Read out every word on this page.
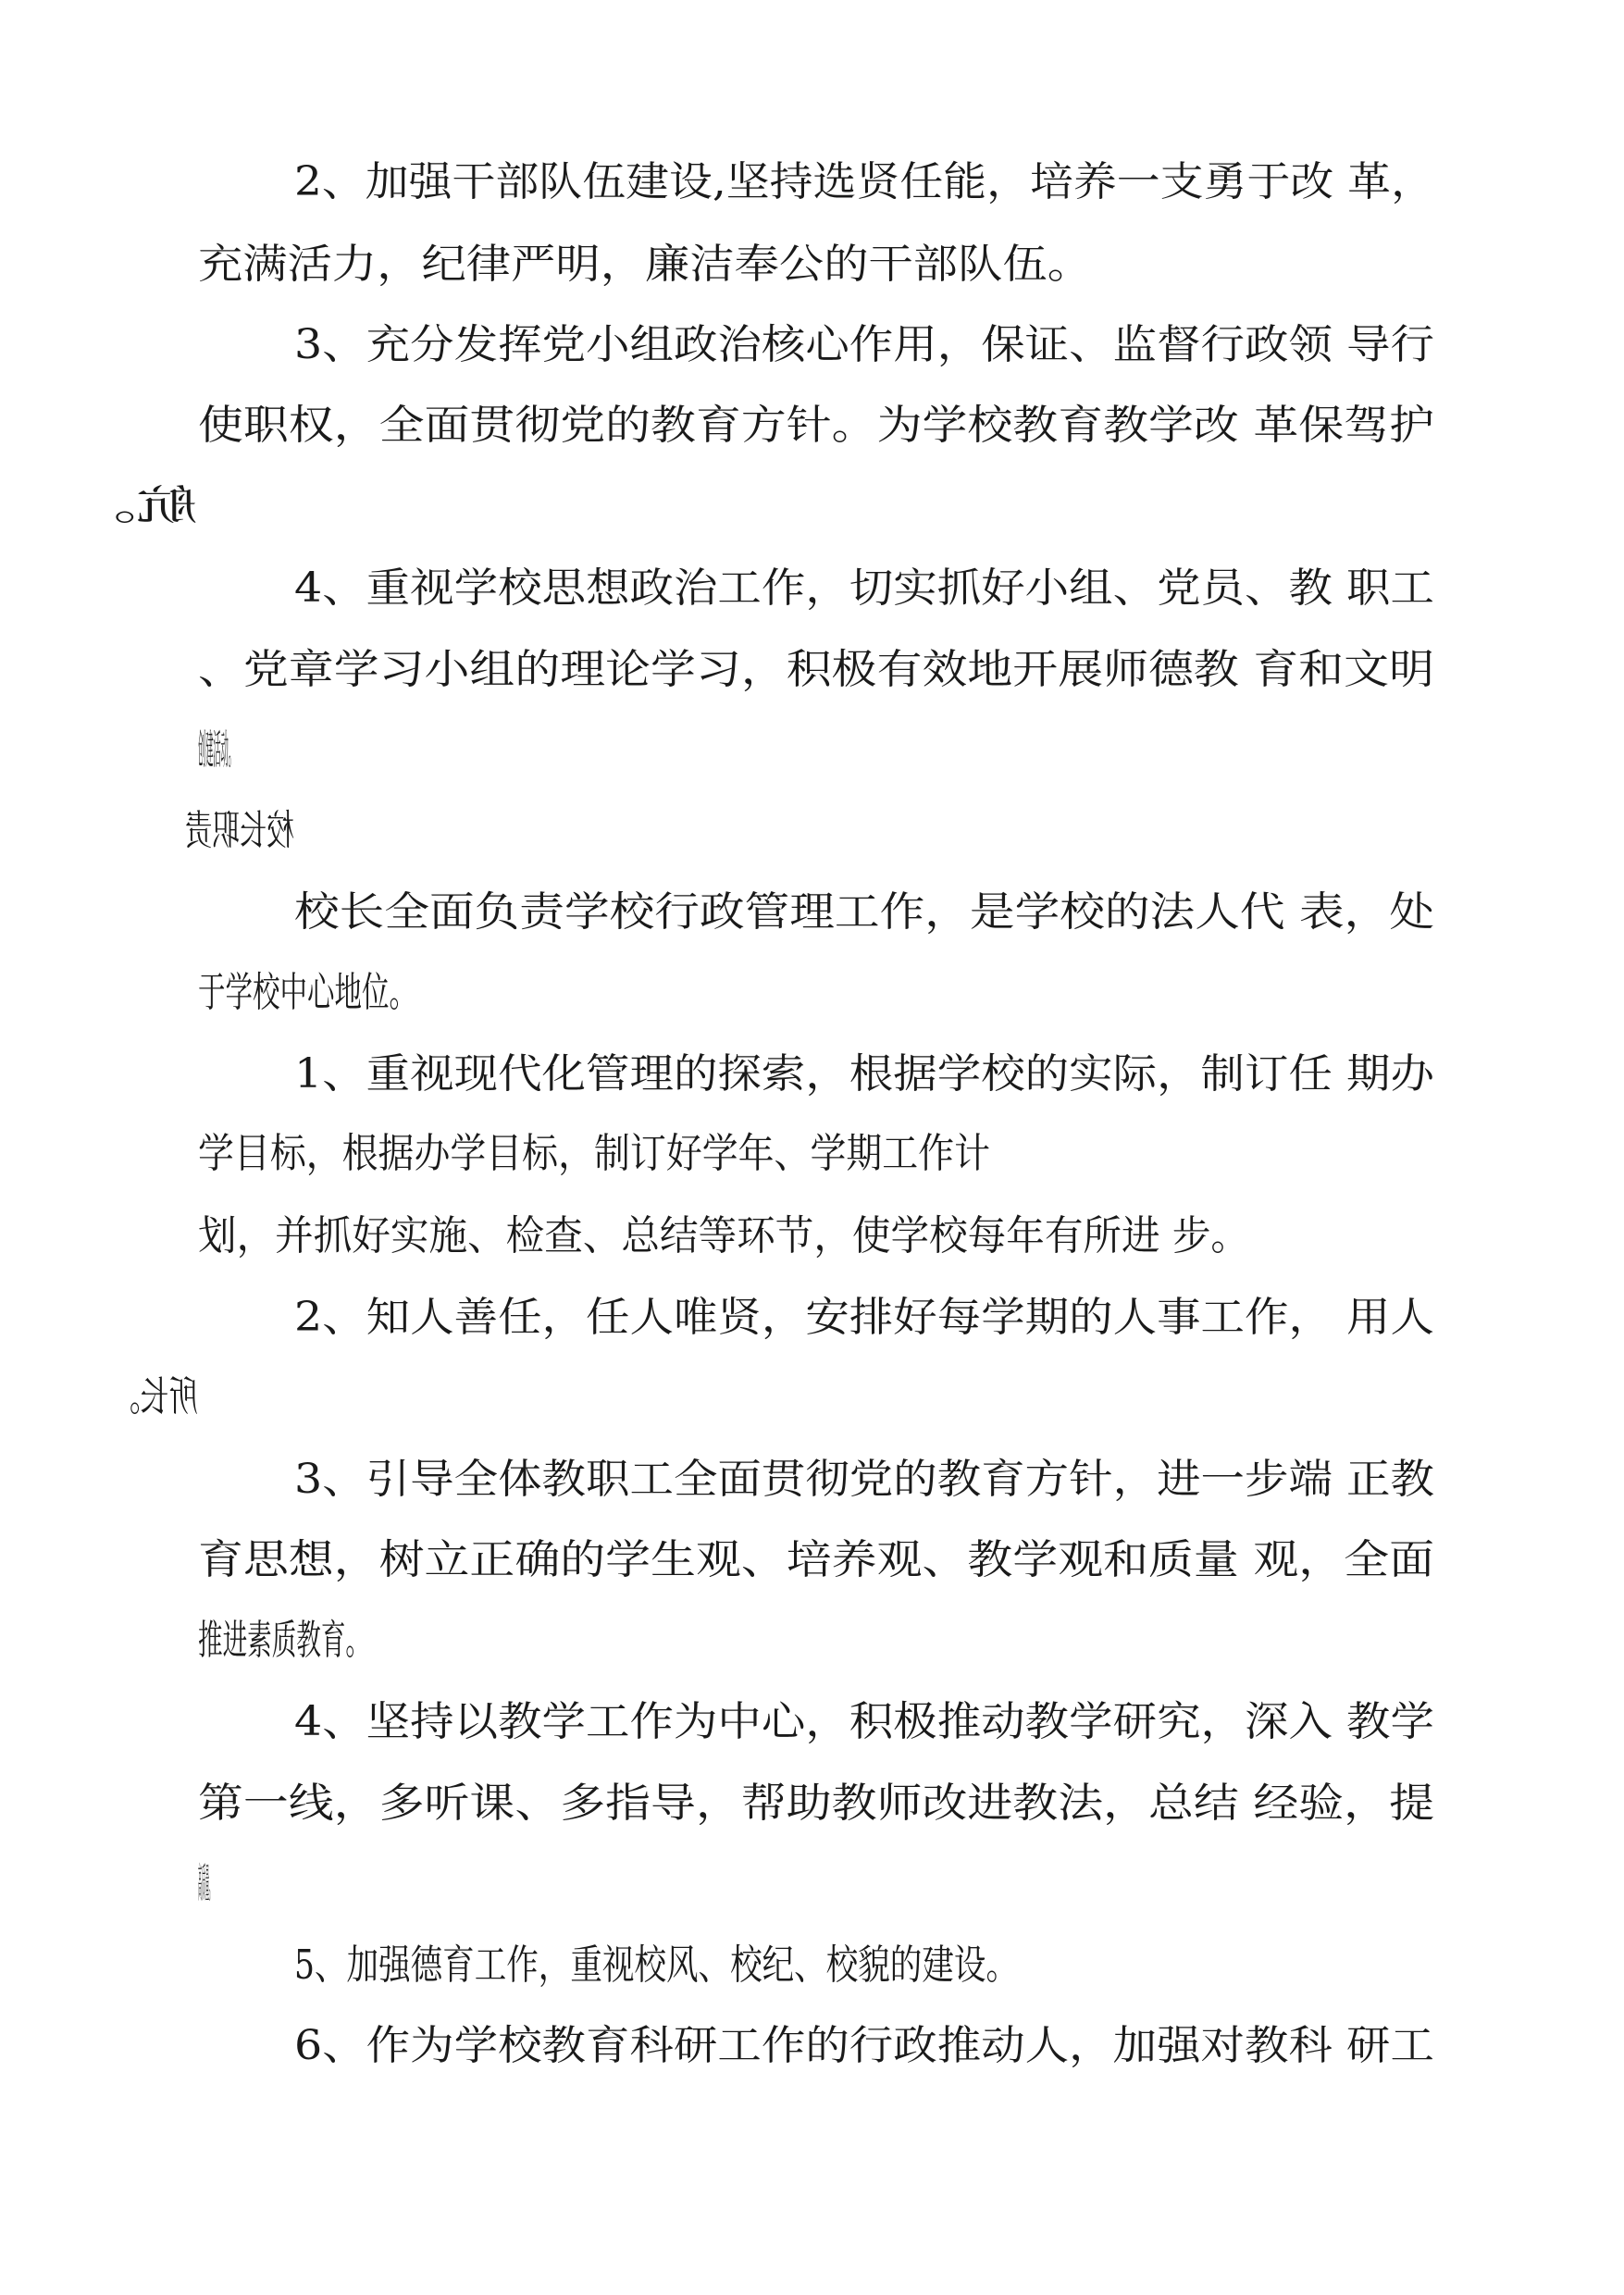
2、加强干部队伍建设,坚持选贤任能，培养一支勇于改 革，

充满活力，纪律严明，廉洁奉公的干部队伍。

3、充分发挥党小组政治核心作用，保证、监督行政领 导行

使职权，全面贯彻党的教育方针。为学校教育教学改 革保驾护

航。

4、重视学校思想政治工作，切实抓好小组、党员、教 职工

、党章学习小组的理论学习，积极有效地开展师德教 育和文明

创建活动。

校长职责

校长全面负责学校行政管理工作，是学校的法人代 表，处

于学校中心地位。

1、重视现代化管理的探索，根据学校的实际，制订任 期办

学目标，根据办学目标，制订好学年、学期工作计

划，并抓好实施、检查、总结等环节，使学校每年有所进 步。

2、知人善任，任人唯贤，安排好每学期的人事工作， 用人

所长。

3、引导全体教职工全面贯彻党的教育方针，进一步端 正教

育思想，树立正确的学生观、培养观、教学观和质量 观，全面

推进素质教育。

4、坚持以教学工作为中心，积极推动教学研究，深入 教学

第一线，多听课、多指导，帮助教师改进教法，总结 经验，提

高质量。

5、加强德育工作，重视校风、校纪、校貌的建设。

6、作为学校教育科研工作的行政推动人，加强对教科 研工
